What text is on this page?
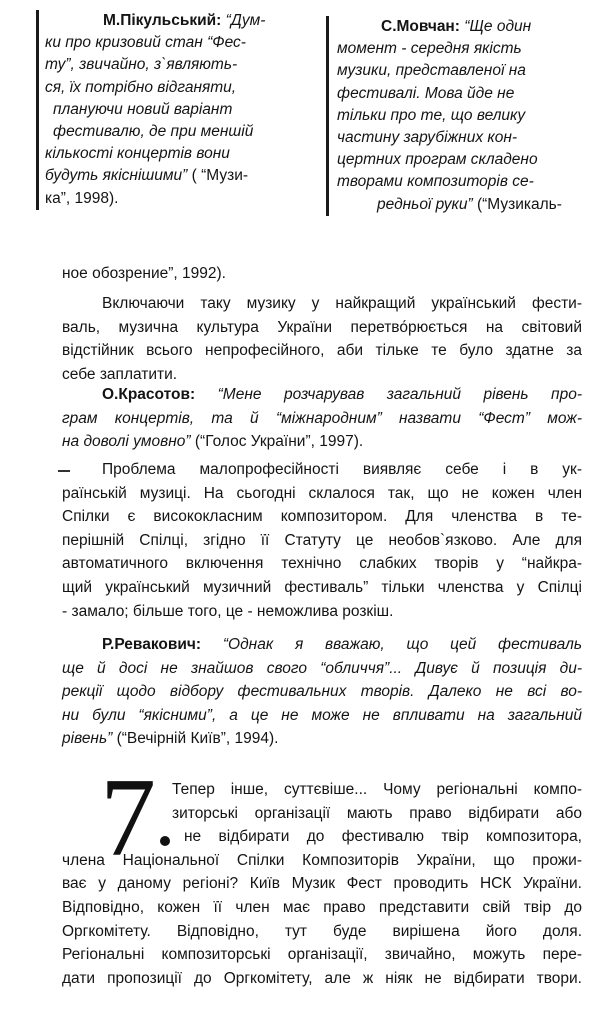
М.Пікульський: “Дум-
ки про кризовий стан “Фес-
ту”, звичайно, з`являють-
ся, їх потрібно відганяти,
плануючи новий варіант
фестивалю, де при меншій
кількості концертів вони
будуть якіснішими” ( “Музи-
ка”, 1998).
С.Мовчан: “Ще один
момент - середня якість
музики, представленої на
фестивалі. Мова йде не
тільки про те, що велику
частину зарубіжних кон-
цертних програм складено
творами композиторів се-
редньої руки” (“Музикаль-
ное обозрение”, 1992).
Включаючи таку музику у найкращий український фести-
валь, музична культура України перетво́рюється на світовий
відстійник всього непрофесійного, аби тільке те було здатне за
себе заплатити.
О.Красотов: “Мене розчарував загальний рівень про-
грам концертів, та й “міжнародним” назвати “Фест” мож-
на доволі умовно” (“Голос України”, 1997).
Проблема малопрофесійності виявляє себе і в ук-
раїнській музиці. На сьогодні склалося так, що не кожен член
Спілки є висококласним композитором. Для членства в те-
перішній Спілці, згідно її Статуту це необов`язково. Але для
автоматичного включення технічно слабких творів у “найкра-
щий український музичний фестиваль” тільки членства у Спілці
- замало; більше того, це - неможлива розкіш.
Р.Ревакович: “Однак я вважаю, що цей фестиваль
ще й досі не знайшов свого “обличчя”... Дивує й позиція ди-
рекції щодо відбору фестивальних творів. Далеко не всі во-
ни були “якісними”, а це не може не впливати на загальний
рівень” (“Вечірній Київ”, 1994).
7	Тепер інше, суттєвіше... Чому регіональні компо-
зиторські організації мають право відбирати або
не відбирати до фестивалю твір композитора,
члена Національної Спілки Композиторів України, що прожи-
ває у даному регіоні? Київ Музик Фест проводить НСК України.
Відповідно, кожен її член має право представити свій твір до
Оргкомітету. Відповідно, тут буде вирішена його доля.
Регіональні композиторські організації, звичайно, можуть пере-
дати пропозиції до Оргкомітету, але ж ніяк не відбирати твори.
